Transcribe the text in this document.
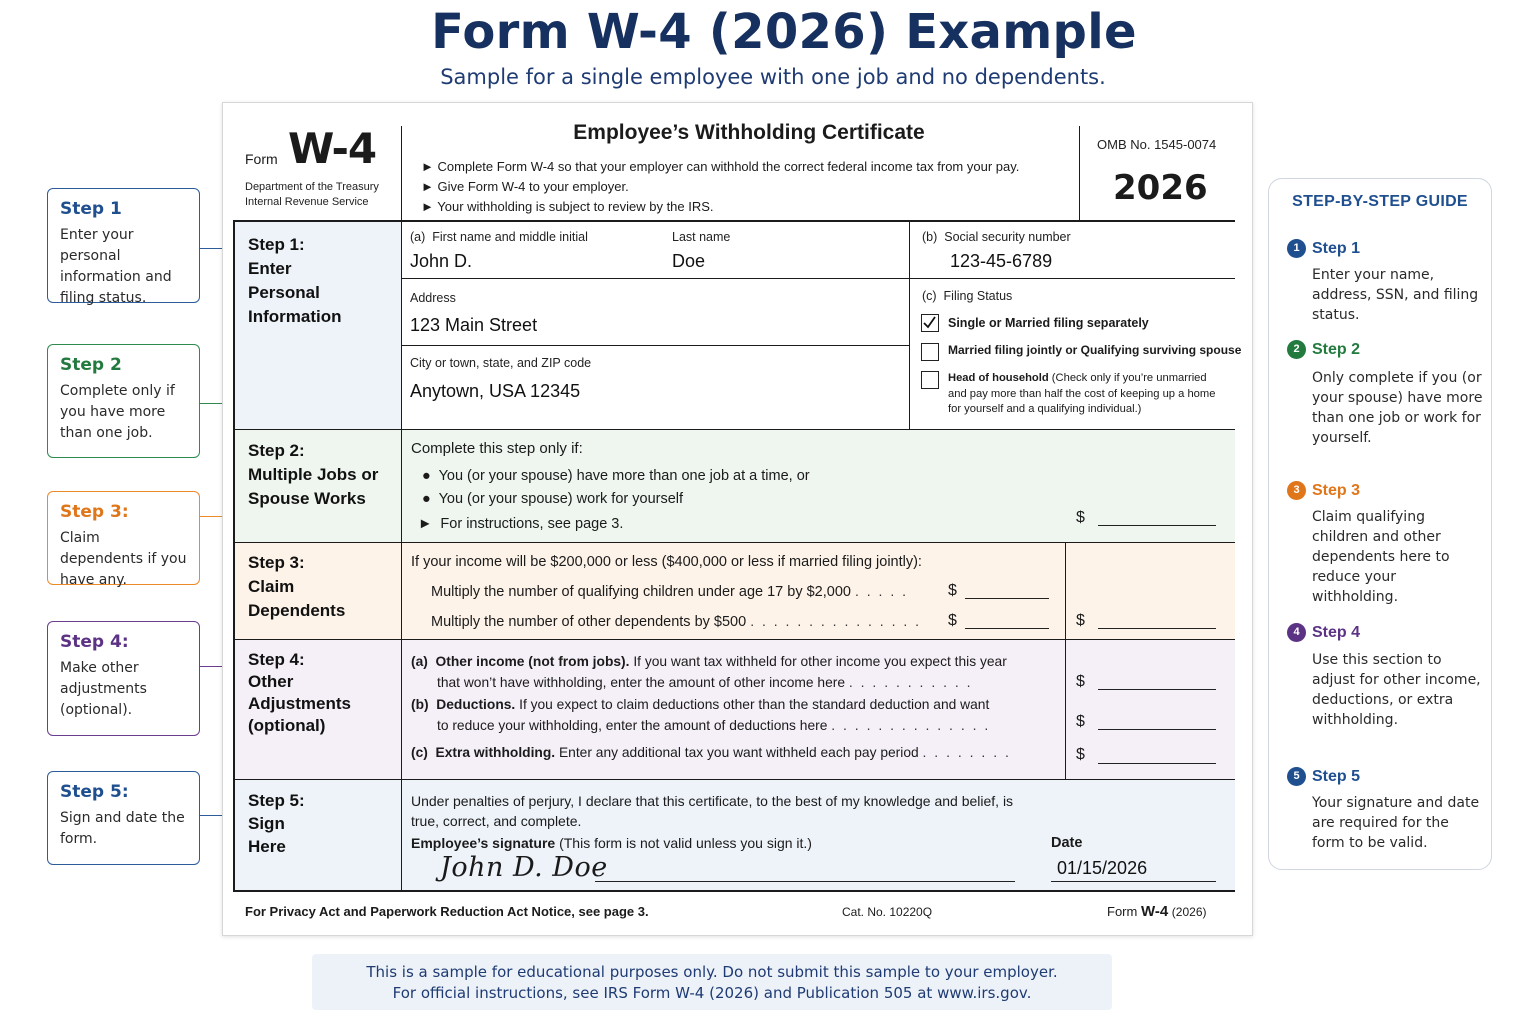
Form W-4 (2026) Example
Sample for a single employee with one job and no dependents.
Step 1
Enter your personal information and filing status.
Step 2
Complete only if you have more than one job.
Step 3:
Claim dependents if you have any.
Step 4:
Make other adjustments (optional).
Step 5:
Sign and date the form.
Form W-4
Department of the Treasury
Internal Revenue Service
Employee’s Withholding Certificate
► Complete Form W-4 so that your employer can withhold the correct federal income tax from your pay.
► Give Form W-4 to your employer.
► Your withholding is subject to review by the IRS.
OMB No. 1545-0074
2026
Step 1:
Enter
Personal
Information
(a) First name and middle initial
John D.
Last name
Doe
(b) Social security number
123-45-6789
Address
123 Main Street
City or town, state, and ZIP code
Anytown, USA 12345
(c) Filing Status
Single or Married filing separately
Married filing jointly or Qualifying surviving spouse
Head of household (Check only if you’re unmarried
and pay more than half the cost of keeping up a home
for yourself and a qualifying individual.)
Step 2:
Multiple Jobs or
Spouse Works
Complete this step only if:
● You (or your spouse) have more than one job at a time, or
● You (or your spouse) work for yourself
► For instructions, see page 3.	$
Step 3:
Claim
Dependents
If your income will be $200,000 or less ($400,000 or less if married filing jointly):
Multiply the number of qualifying children under age 17 by $2,000 . . . . . $
Multiply the number of other dependents by $500 . . . . . . . . . . . . . . . $	$
Step 4:
Other
Adjustments
(optional)
(a) Other income (not from jobs). If you want tax withheld for other income you expect this year
that won’t have withholding, enter the amount of other income here . . . . . . . . . . .	$
(b) Deductions. If you expect to claim deductions other than the standard deduction and want
to reduce your withholding, enter the amount of deductions here . . . . . . . . . . . . . .	$
(c) Extra withholding. Enter any additional tax you want withheld each pay period . . . . . . . .	$
Step 5:
Sign
Here
Under penalties of perjury, I declare that this certificate, to the best of my knowledge and belief, is
true, correct, and complete.
Employee’s signature (This form is not valid unless you sign it.)
John D. Doe
Date
01/15/2026
For Privacy Act and Paperwork Reduction Act Notice, see page 3.	Cat. No. 10220Q	Form W-4 (2026)
STEP-BY-STEP GUIDE
1 Step 1
Enter your name, address, SSN, and filing status.
2 Step 2
Only complete if you (or your spouse) have more than one job or work for yourself.
3 Step 3
Claim qualifying children and other dependents here to reduce your withholding.
4 Step 4
Use this section to adjust for other income, deductions, or extra withholding.
5 Step 5
Your signature and date are required for the form to be valid.
This is a sample for educational purposes only. Do not submit this sample to your employer.
For official instructions, see IRS Form W-4 (2026) and Publication 505 at www.irs.gov.
